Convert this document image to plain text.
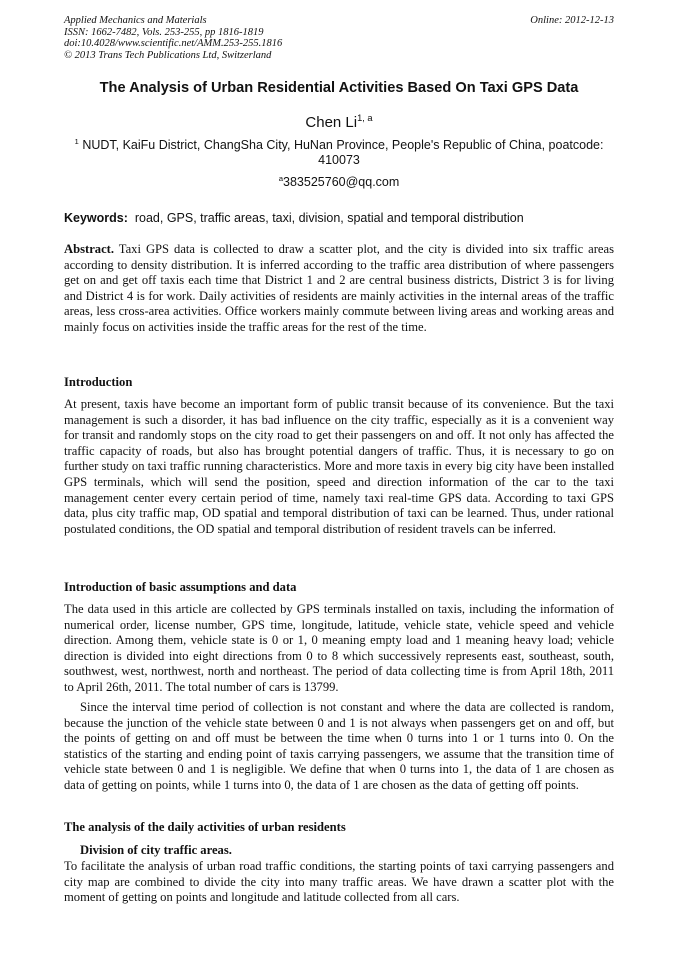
Applied Mechanics and Materials
ISSN: 1662-7482, Vols. 253-255, pp 1816-1819
doi:10.4028/www.scientific.net/AMM.253-255.1816
© 2013 Trans Tech Publications Ltd, Switzerland
Online: 2012-12-13
The Analysis of Urban Residential Activities Based On Taxi GPS Data
Chen Li$^{1, a}$
$^1$ NUDT, KaiFu District, ChangSha City, HuNan Province, People's Republic of China, poatcode: 410073
$^a$383525760@qq.com
Keywords: road, GPS, traffic areas, taxi, division, spatial and temporal distribution
Abstract. Taxi GPS data is collected to draw a scatter plot, and the city is divided into six traffic areas according to density distribution. It is inferred according to the traffic area distribution of where passengers get on and get off taxis each time that District 1 and 2 are central business districts, District 3 is for living and District 4 is for work. Daily activities of residents are mainly activities in the internal areas of the traffic areas, less cross-area activities. Office workers mainly commute between living areas and working areas and mainly focus on activities inside the traffic areas for the rest of the time.
Introduction
At present, taxis have become an important form of public transit because of its convenience. But the taxi management is such a disorder, it has bad influence on the city traffic, especially as it is a convenient way for transit and randomly stops on the city road to get their passengers on and off. It not only has affected the traffic capacity of roads, but also has brought potential dangers of traffic. Thus, it is necessary to go on further study on taxi traffic running characteristics. More and more taxis in every big city have been installed GPS terminals, which will send the position, speed and direction information of the car to the taxi management center every certain period of time, namely taxi real-time GPS data. According to taxi GPS data, plus city traffic map, OD spatial and temporal distribution of taxi can be learned. Thus, under rational postulated conditions, the OD spatial and temporal distribution of resident travels can be inferred.
Introduction of basic assumptions and data
The data used in this article are collected by GPS terminals installed on taxis, including the information of numerical order, license number, GPS time, longitude, latitude, vehicle state, vehicle speed and vehicle direction. Among them, vehicle state is 0 or 1, 0 meaning empty load and 1 meaning heavy load; vehicle direction is divided into eight directions from 0 to 8 which successively represents east, southeast, south, southwest, west, northwest, north and northeast. The period of data collecting time is from April 18th, 2011 to April 26th, 2011. The total number of cars is 13799.
Since the interval time period of collection is not constant and where the data are collected is random, because the junction of the vehicle state between 0 and 1 is not always when passengers get on and off, but the points of getting on and off must be between the time when 0 turns into 1 or 1 turns into 0. On the statistics of the starting and ending point of taxis carrying passengers, we assume that the transition time of vehicle state between 0 and 1 is negligible. We define that when 0 turns into 1, the data of 1 are chosen as data of getting on points, while 1 turns into 0, the data of 1 are chosen as the data of getting off points.
The analysis of the daily activities of urban residents
Division of city traffic areas.
To facilitate the analysis of urban road traffic conditions, the starting points of taxi carrying passengers and city map are combined to divide the city into many traffic areas. We have drawn a scatter plot with the moment of getting on points and longitude and latitude collected from all cars.
